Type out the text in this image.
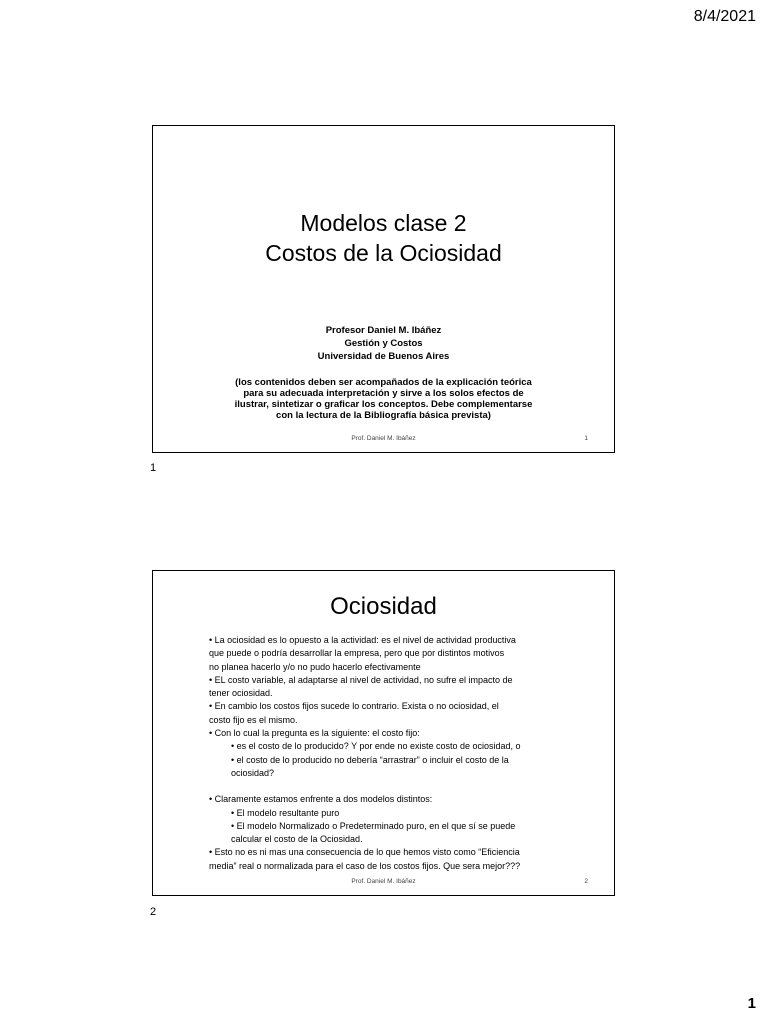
8/4/2021
Modelos clase 2
Costos de la Ociosidad
Profesor Daniel M. Ibáñez
Gestión y Costos
Universidad de Buenos Aires
(los contenidos deben ser acompañados de la explicación teórica
para su adecuada interpretación y sirve a los solos efectos de
ilustrar, sintetizar o graficar los conceptos. Debe complementarse
con la lectura de la Bibliografía básica prevista)
Prof. Daniel M. Ibáñez	1
1
Ociosidad

• La ociosidad es lo opuesto a la actividad: es el nivel de actividad productiva

que puede o podría desarrollar la empresa, pero que por distintos motivos

no planea hacerlo y/o no pudo hacerlo efectivamente

• EL costo variable, al adaptarse al nivel de actividad, no sufre el impacto de

tener ociosidad.

• En cambio los costos fijos sucede lo contrario. Exista o no ociosidad, el

costo fijo es el mismo.

• Con lo cual la pregunta es la siguiente: el costo fijo:

• es el costo de lo producido? Y por ende no existe costo de ociosidad, o

• el costo de lo producido no debería “arrastrar” o incluir el costo de la

ociosidad?

• Claramente estamos enfrente a dos modelos distintos:

• El modelo resultante puro

• El modelo Normalizado o Predeterminado puro, en el que sí se puede

calcular el costo de la Ociosidad.

• Esto no es ni mas una consecuencia de lo que hemos visto como “Eficiencia

media” real o normalizada para el caso de los costos fijos. Que sera mejor???

Prof. Daniel M. Ibáñez	2
2
1
